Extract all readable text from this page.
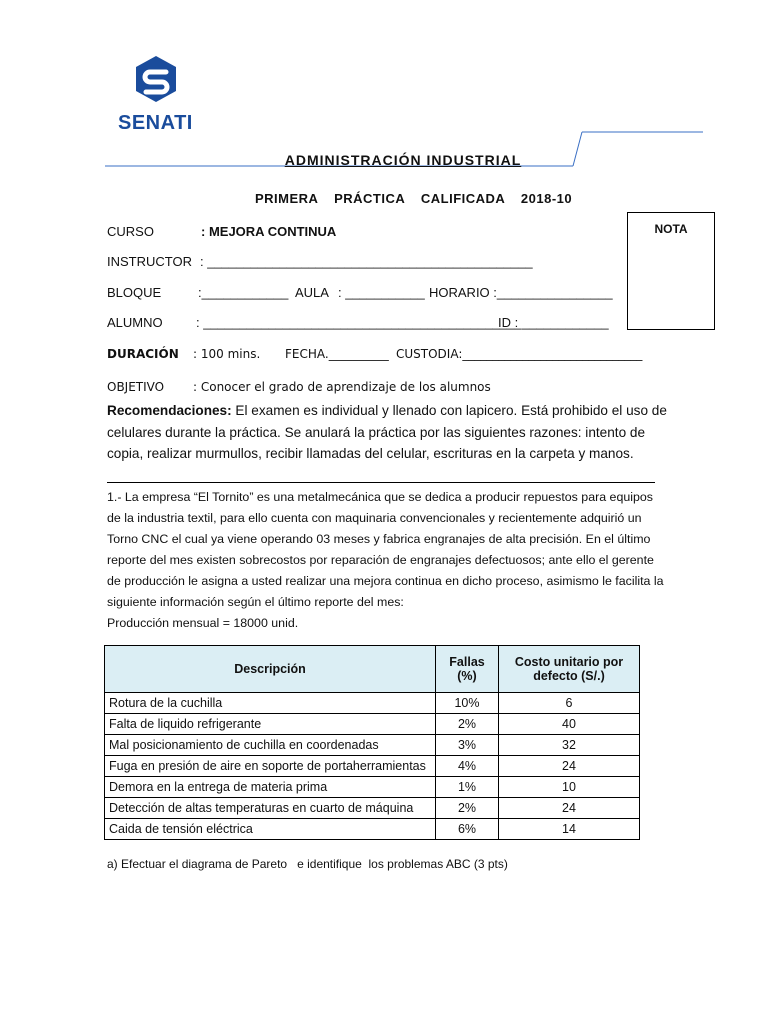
SENATI
ADMINISTRACIÓN INDUSTRIAL
PRIMERA PRÁCTICA CALIFICADA 2018-10
NOTA
CURSO	: MEJORA CONTINUA
INSTRUCTOR : _____________________________________________
BLOQUE	:____________ AULA : ___________ HORARIO :________________
ALUMNO	: ____________________________________________
ID : ____________
DURACIÓN : 100 mins. FECHA.__________ CUSTODIA:______________________________
OBJETIVO : Conocer el grado de aprendizaje de los alumnos
Recomendaciones: El examen es individual y llenado con lapicero. Está prohibido el uso de celulares durante la práctica. Se anulará la práctica por las siguientes razones: intento de copia, realizar murmullos, recibir llamadas del celular, escrituras en la carpeta y manos.
1.- La empresa “El Tornito” es una metalmecánica que se dedica a producir repuestos para equipos de la industria textil, para ello cuenta con maquinaria convencionales y recientemente adquirió un Torno CNC el cual ya viene operando 03 meses y fabrica engranajes de alta precisión. En el último reporte del mes existen sobrecostos por reparación de engranajes defectuosos; ante ello el gerente de producción le asigna a usted realizar una mejora continua en dicho proceso, asimismo le facilita la siguiente información según el último reporte del mes:
Producción mensual = 18000 unid.
Descripción	Fallas (%)	Costo unitario por defecto (S/.)
Rotura de la cuchilla	10%	6
Falta de liquido refrigerante	2%	40
Mal posicionamiento de cuchilla en coordenadas	3%	32
Fuga en presión de aire en soporte de portaherramientas	4%	24
Demora en la entrega de materia prima	1%	10
Detección de altas temperaturas en cuarto de máquina	2%	24
Caida de tensión eléctrica	6%	14
a) Efectuar el diagrama de Pareto   e identifique  los problemas ABC (3 pts)
